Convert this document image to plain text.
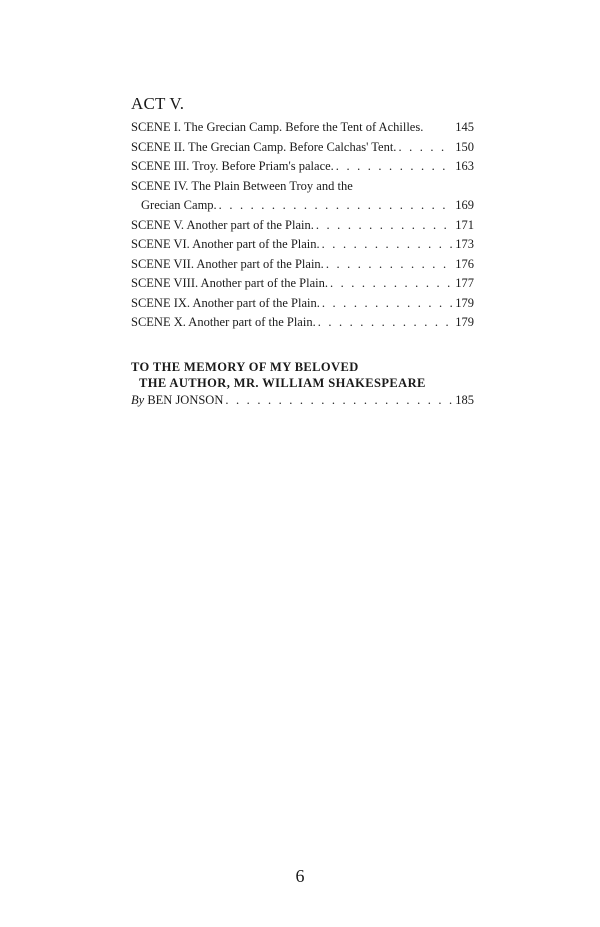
ACT V.
SCENE I. The Grecian Camp. Before the Tent of Achilles.	145
SCENE II. The Grecian Camp. Before Calchas' Tent. . . .	150
SCENE III. Troy. Before Priam's palace. . . .	163
SCENE IV. The Plain Between Troy and the
Grecian Camp. . . .	169
SCENE V. Another part of the Plain. . . .	171
SCENE VI. Another part of the Plain. . . .	173
SCENE VII. Another part of the Plain. . . .	176
SCENE VIII. Another part of the Plain. . . .	177
SCENE IX. Another part of the Plain. . . .	179
SCENE X. Another part of the Plain. . . .	179
TO THE MEMORY OF MY BELOVED
THE AUTHOR, MR. WILLIAM SHAKESPEARE
By BEN JONSON . . .	185
6
